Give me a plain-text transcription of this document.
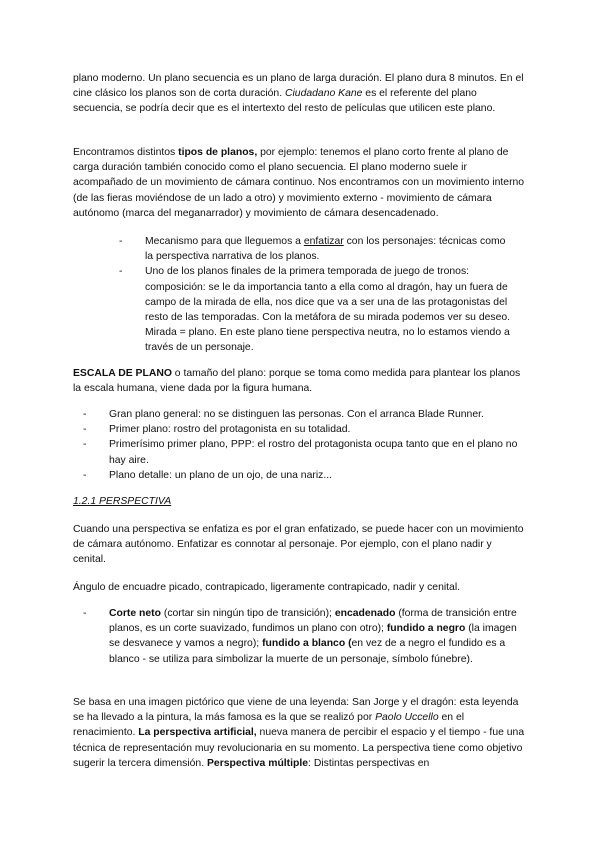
plano moderno. Un plano secuencia es un plano de larga duración. El plano dura 8 minutos. En el cine clásico los planos son de corta duración. Ciudadano Kane es el referente del plano secuencia, se podría decir que es el intertexto del resto de películas que utilicen este plano.

Encontramos distintos tipos de planos, por ejemplo: tenemos el plano corto frente al plano de carga duración también conocido como el plano secuencia. El plano moderno suele ir acompañado de un movimiento de cámara continuo. Nos encontramos con un movimiento interno (de las fieras moviéndose de un lado a otro) y movimiento externo - movimiento de cámara autónomo (marca del meganarrador) y movimiento de cámara desencadenado.

- Mecanismo para que lleguemos a enfatizar con los personajes: técnicas como la perspectiva narrativa de los planos.
- Uno de los planos finales de la primera temporada de juego de tronos: composición: se le da importancia tanto a ella como al dragón, hay un fuera de campo de la mirada de ella, nos dice que va a ser una de las protagonistas del resto de las temporadas. Con la metáfora de su mirada podemos ver su deseo. Mirada = plano. En este plano tiene perspectiva neutra, no lo estamos viendo a través de un personaje.

ESCALA DE PLANO o tamaño del plano: porque se toma como medida para plantear los planos la escala humana, viene dada por la figura humana.

- Gran plano general: no se distinguen las personas. Con el arranca Blade Runner.
- Primer plano: rostro del protagonista en su totalidad.
- Primerísimo primer plano, PPP: el rostro del protagonista ocupa tanto que en el plano no hay aire.
- Plano detalle: un plano de un ojo, de una nariz...

1.2.1 PERSPECTIVA

Cuando una perspectiva se enfatiza es por el gran enfatizado, se puede hacer con un movimiento de cámara autónomo. Enfatizar es connotar al personaje. Por ejemplo, con el plano nadir y cenital.

Ángulo de encuadre picado, contrapicado, ligeramente contrapicado, nadir y cenital.

- Corte neto (cortar sin ningún tipo de transición); encadenado (forma de transición entre planos, es un corte suavizado, fundimos un plano con otro); fundido a negro (la imagen se desvanece y vamos a negro); fundido a blanco (en vez de a negro el fundido es a blanco - se utiliza para simbolizar la muerte de un personaje, símbolo fúnebre).

Se basa en una imagen pictórico que viene de una leyenda: San Jorge y el dragón: esta leyenda se ha llevado a la pintura, la más famosa es la que se realizó por Paolo Uccello en el renacimiento. La perspectiva artificial, nueva manera de percibir el espacio y el tiempo - fue una técnica de representación muy revolucionaria en su momento. La perspectiva tiene como objetivo sugerir la tercera dimensión. Perspectiva múltiple: Distintas perspectivas en
